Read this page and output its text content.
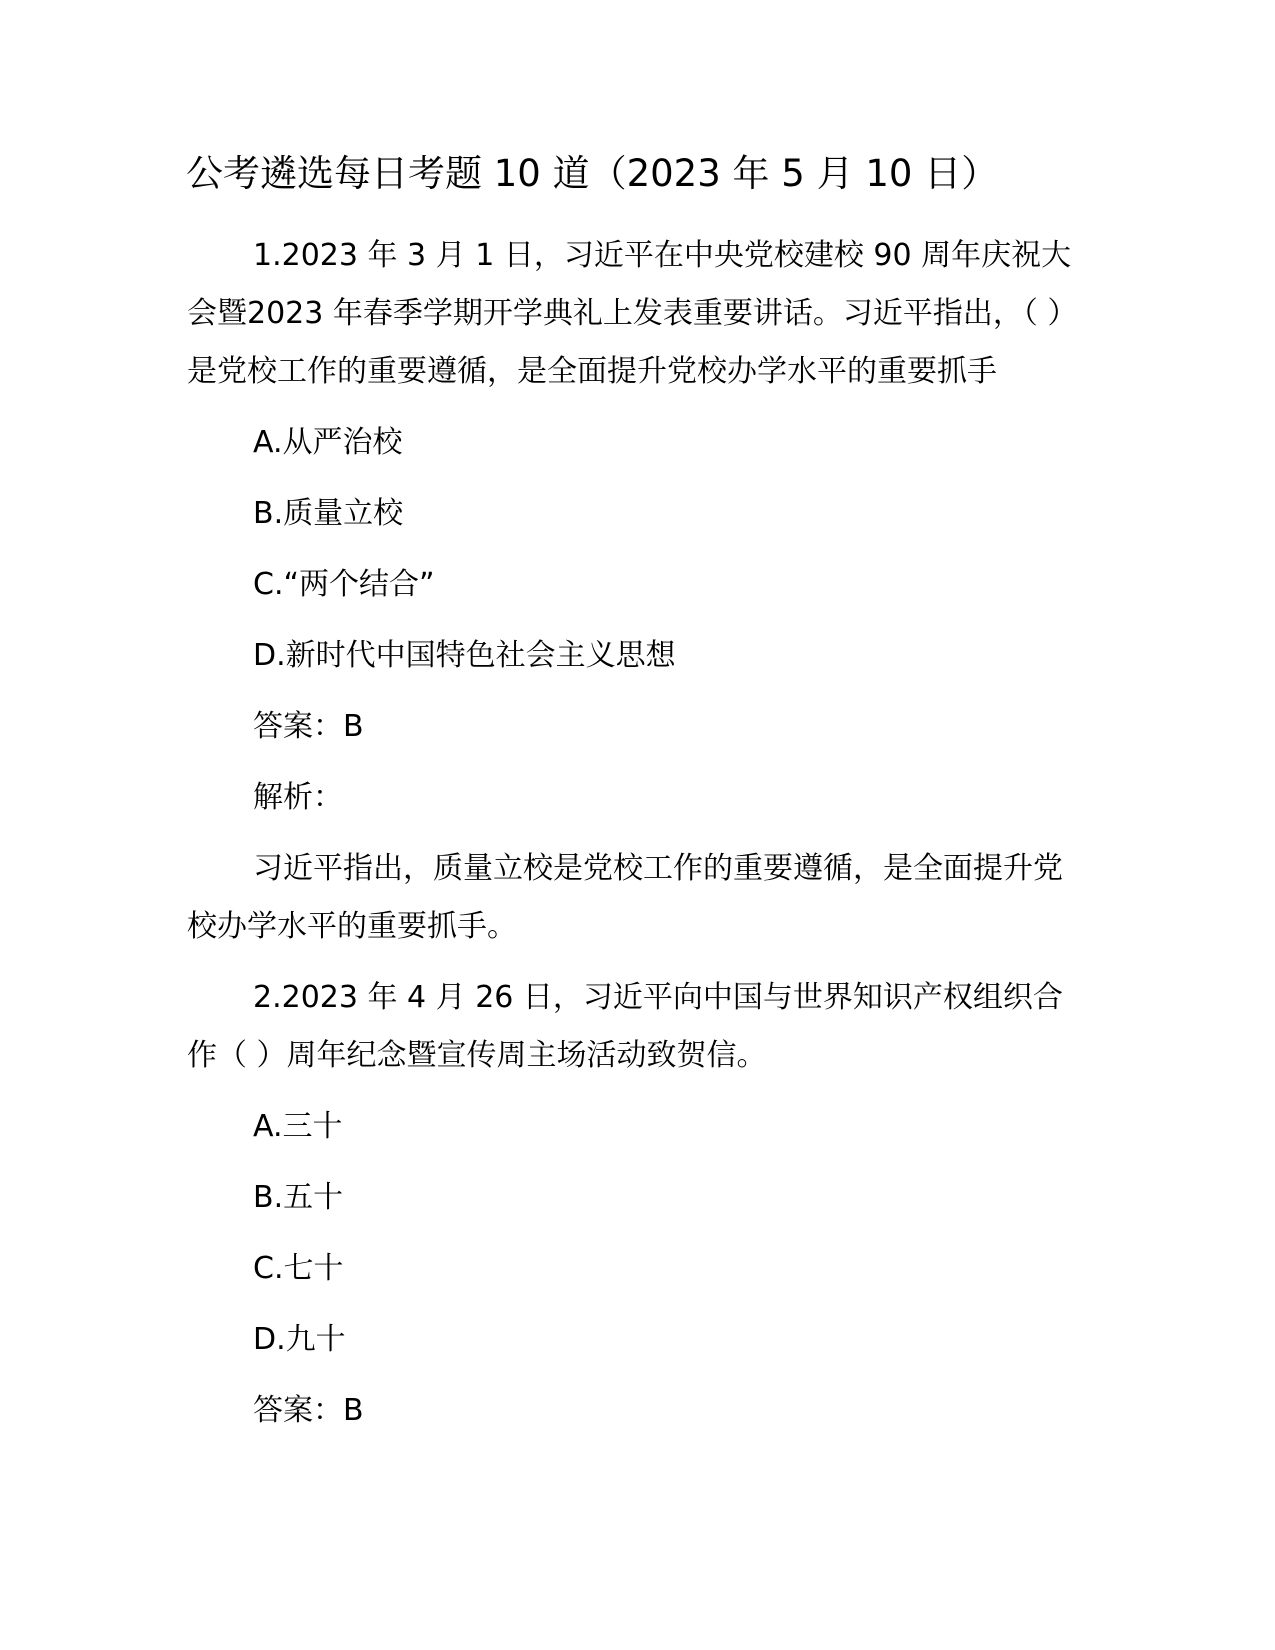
公考遴选每日考题 10 道（2023 年 5 月 10 日）

1.2023 年 3 月 1 日，习近平在中央党校建校 90 周年庆祝大会暨2023 年春季学期开学典礼上发表重要讲话。习近平指出，（ ）是党校工作的重要遵循，是全面提升党校办学水平的重要抓手

A.从严治校
B.质量立校
C.“两个结合”
D.新时代中国特色社会主义思想
答案：B
解析：

习近平指出，质量立校是党校工作的重要遵循，是全面提升党校办学水平的重要抓手。

2.2023 年 4 月 26 日，习近平向中国与世界知识产权组织合作（ ）周年纪念暨宣传周主场活动致贺信。

A.三十
B.五十
C.七十
D.九十
答案：B
